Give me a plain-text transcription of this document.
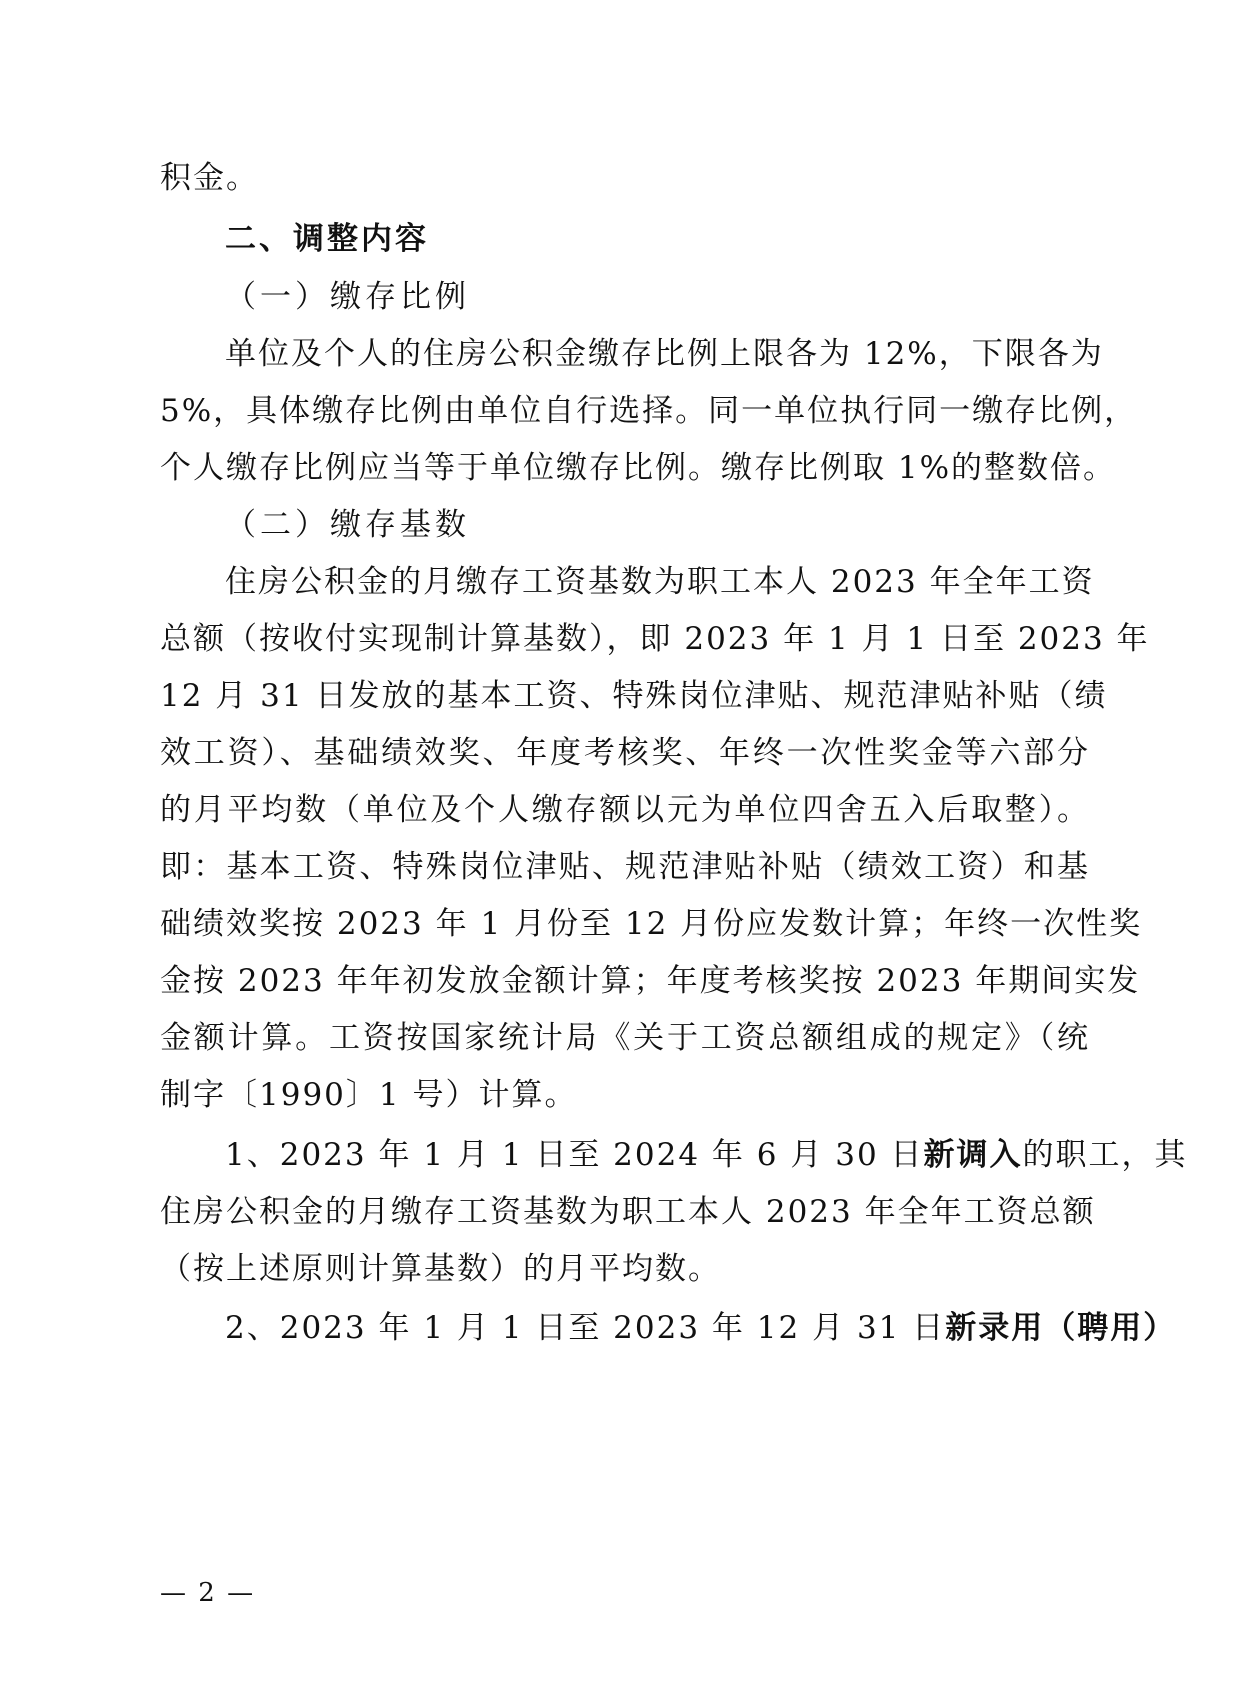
积金。
二、调整内容
（一）缴存比例
单位及个人的住房公积金缴存比例上限各为 12%，下限各为
5%，具体缴存比例由单位自行选择。同一单位执行同一缴存比例，
个人缴存比例应当等于单位缴存比例。缴存比例取 1%的整数倍。
（二）缴存基数
住房公积金的月缴存工资基数为职工本人 2023 年全年工资
总额（按收付实现制计算基数），即 2023 年 1 月 1 日至 2023 年
12 月 31 日发放的基本工资、特殊岗位津贴、规范津贴补贴（绩
效工资）、基础绩效奖、年度考核奖、年终一次性奖金等六部分
的月平均数（单位及个人缴存额以元为单位四舍五入后取整）。
即：基本工资、特殊岗位津贴、规范津贴补贴（绩效工资）和基
础绩效奖按 2023 年 1 月份至 12 月份应发数计算；年终一次性奖
金按 2023 年年初发放金额计算；年度考核奖按 2023 年期间实发
金额计算。工资按国家统计局《关于工资总额组成的规定》（统
制字〔1990〕1 号）计算。
1、2023 年 1 月 1 日至 2024 年 6 月 30 日新调入的职工，其
住房公积金的月缴存工资基数为职工本人 2023 年全年工资总额
（按上述原则计算基数）的月平均数。
2、2023 年 1 月 1 日至 2023 年 12 月 31 日新录用（聘用）
— 2 —
